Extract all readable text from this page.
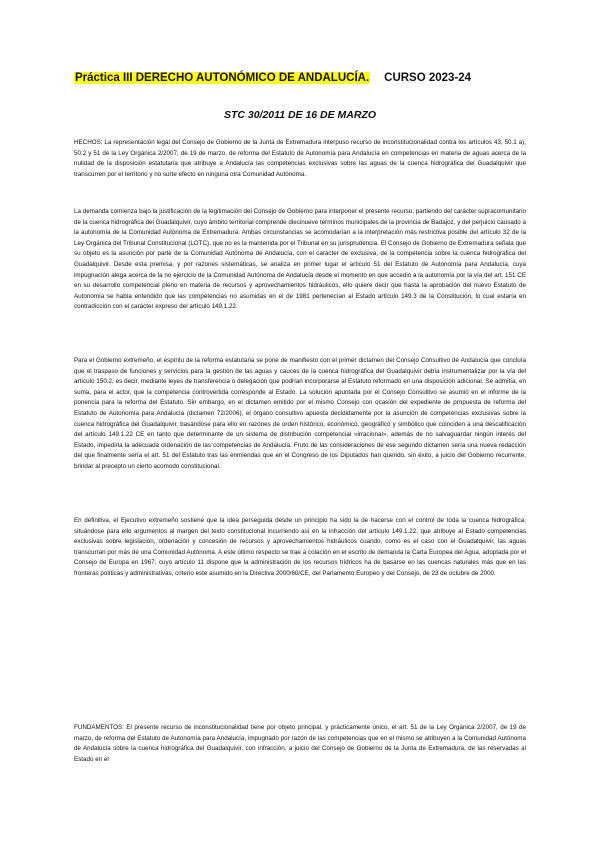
Práctica III DERECHO AUTONÓMICO DE ANDALUCÍA. CURSO 2023-24
STC 30/2011 DE 16 DE MARZO

HECHOS: La representación legal del Consejo de Gobierno de la Junta de Extremadura interpuso recurso de inconstitucionalidad contra los artículos 43, 50.1 a), 50.2 y 51 de la Ley Orgánica 2/2007, de 19 de marzo, de reforma del Estatuto de Autonomía para Andalucía en competencias en materia de aguas acerca de la nulidad de la disposición estatutaria que atribuye a Andalucía las competencias exclusivas sobre las aguas de la cuenca hidrográfica del Guadalquivir que transcurren por el territorio y no surte efecto en ninguna otra Comunidad Autónoma.

La demanda comienza bajo la justificación de la legitimación del Consejo de Gobierno para interponer el presente recurso, partiendo del carácter supracomunitario de la cuenca hidrográfica del Guadalquivir, cuyo ámbito territorial comprende diecinueve términos municipales de la provincia de Badajoz, y del perjuicio causado a la autonomía de la Comunidad Autónoma de Extremadura. Ambas circunstancias se acomodarían a la interpretación más restrictiva posible del artículo 32 de la Ley Orgánica del Tribunal Constitucional (LOTC), que no es la mantenida por el Tribunal en su jurisprudencia. El Consejo de Gobierno de Extremadura señala que su objeto es la asunción por parte de la Comunidad Autónoma de Andalucía, con el carácter de exclusiva, de la competencia sobre la cuenca hidrográfica del Guadalquivir. Desde esta premisa, y por razones sistemáticas, se analiza en primer lugar el artículo 51 del Estatuto de Autonomía para Andalucía, cuya impugnación alega acerca de la no ejercicio de la Comunidad Autónoma de Andalucía desde el momento en que accedió a la autonomía por la vía del art. 151 CE en su desarrollo competencial pleno en materia de recursos y aprovechamientos hidráulicos, ello quiere decir que hasta la aprobación del nuevo Estatuto de Autonomía se había entendido que las competencias no asumidas en el de 1981 pertenecían al Estado artículo 149.3 de la Constitución, lo cual estaría en contradicción con el carácter expreso del artículo 149.1.22.

Para el Gobierno extremeño, el espíritu de la reforma estatutaria se pone de manifiesto con el primer dictamen del Consejo Consultivo de Andalucía que concluía que el traspaso de funciones y servicios para la gestión de las aguas y cauces de la cuenca hidrográfica del Guadalquivir debía instrumentalizar por la vía del artículo 150.2, es decir, mediante leyes de transferencia o delegación que podrían incorporarse al Estatuto reformado en una disposición adicional. Se admitía, en suma, para el actor, que la competencia controvertida corresponde al Estado. La solución apuntada por el Consejo Consultivo se asumió en el informe de la ponencia para la reforma del Estatuto. Sin embargo, en el dictamen emitido por el mismo Consejo con ocasión del expediente de propuesta de reforma del Estatuto de Autonomía para Andalucía (dictamen 72/2006), el órgano consultivo apuesta decididamente por la asunción de competencias exclusivas sobre la cuenca hidrográfica del Guadalquivir, basándose para ello en razones de orden histórico, económico, geográfico y simbólico que coinciden a una descalificación del artículo 149.1.22 CE en tanto que determinante de un sistema de distribución competencial «irracional», además de no salvaguardar ningún interés del Estado, impedirla la adecuada ordenación de las competencias de Andalucía. Fruto de las consideraciones de ese segundo dictamen sería una nueva redacción del que finalmente sería el art. 51 del Estatuto tras las enmiendas que en el Congreso de los Diputados han querido, sin éxito, a juicio del Gobierno recurrente, brindar al precepto un cierto acomodo constitucional.

En definitiva, el Ejecutivo extremeño sostiene que la idea perseguida desde un principio ha sido la de hacerse con el control de toda la cuenca hidrográfica, situándose para ello argumentos al margen del texto constitucional incurriendo así en la infracción del artículo 149.1.22, que atribuye al Estado competencias exclusivas sobre legislación, ordenación y concesión de recursos y aprovechamientos hidráulicos cuando, como es el caso con el Guadalquivir, las aguas transcurran por más de una Comunidad Autónoma. A este último respecto se trae a colación en el escrito de demanda la Carta Europea del Agua, adoptada por el Consejo de Europa en 1967, cuyo artículo 11 dispone que la administración de los recursos hídricos ha de basarse en las cuencas naturales más que en las fronteras políticas y administrativas, criterio este asumido en la Directiva 2000/60/CE, del Parlamento Europeo y del Consejo, de 23 de octubre de 2000.

FUNDAMENTOS: El presente recurso de inconstitucionalidad tiene por objeto principal, y prácticamente único, el art. 51 de la Ley Orgánica 2/2007, de 19 de marzo, de reforma del Estatuto de Autonomía para Andalucía, impugnado por razón de las competencias que en el mismo se atribuyen a la Comunidad Autónoma de Andalucía sobre la cuenca hidrográfica del Guadalquivir, con infracción, a juicio del Consejo de Gobierno de la Junta de Extremadura, de las reservadas al Estado en el
